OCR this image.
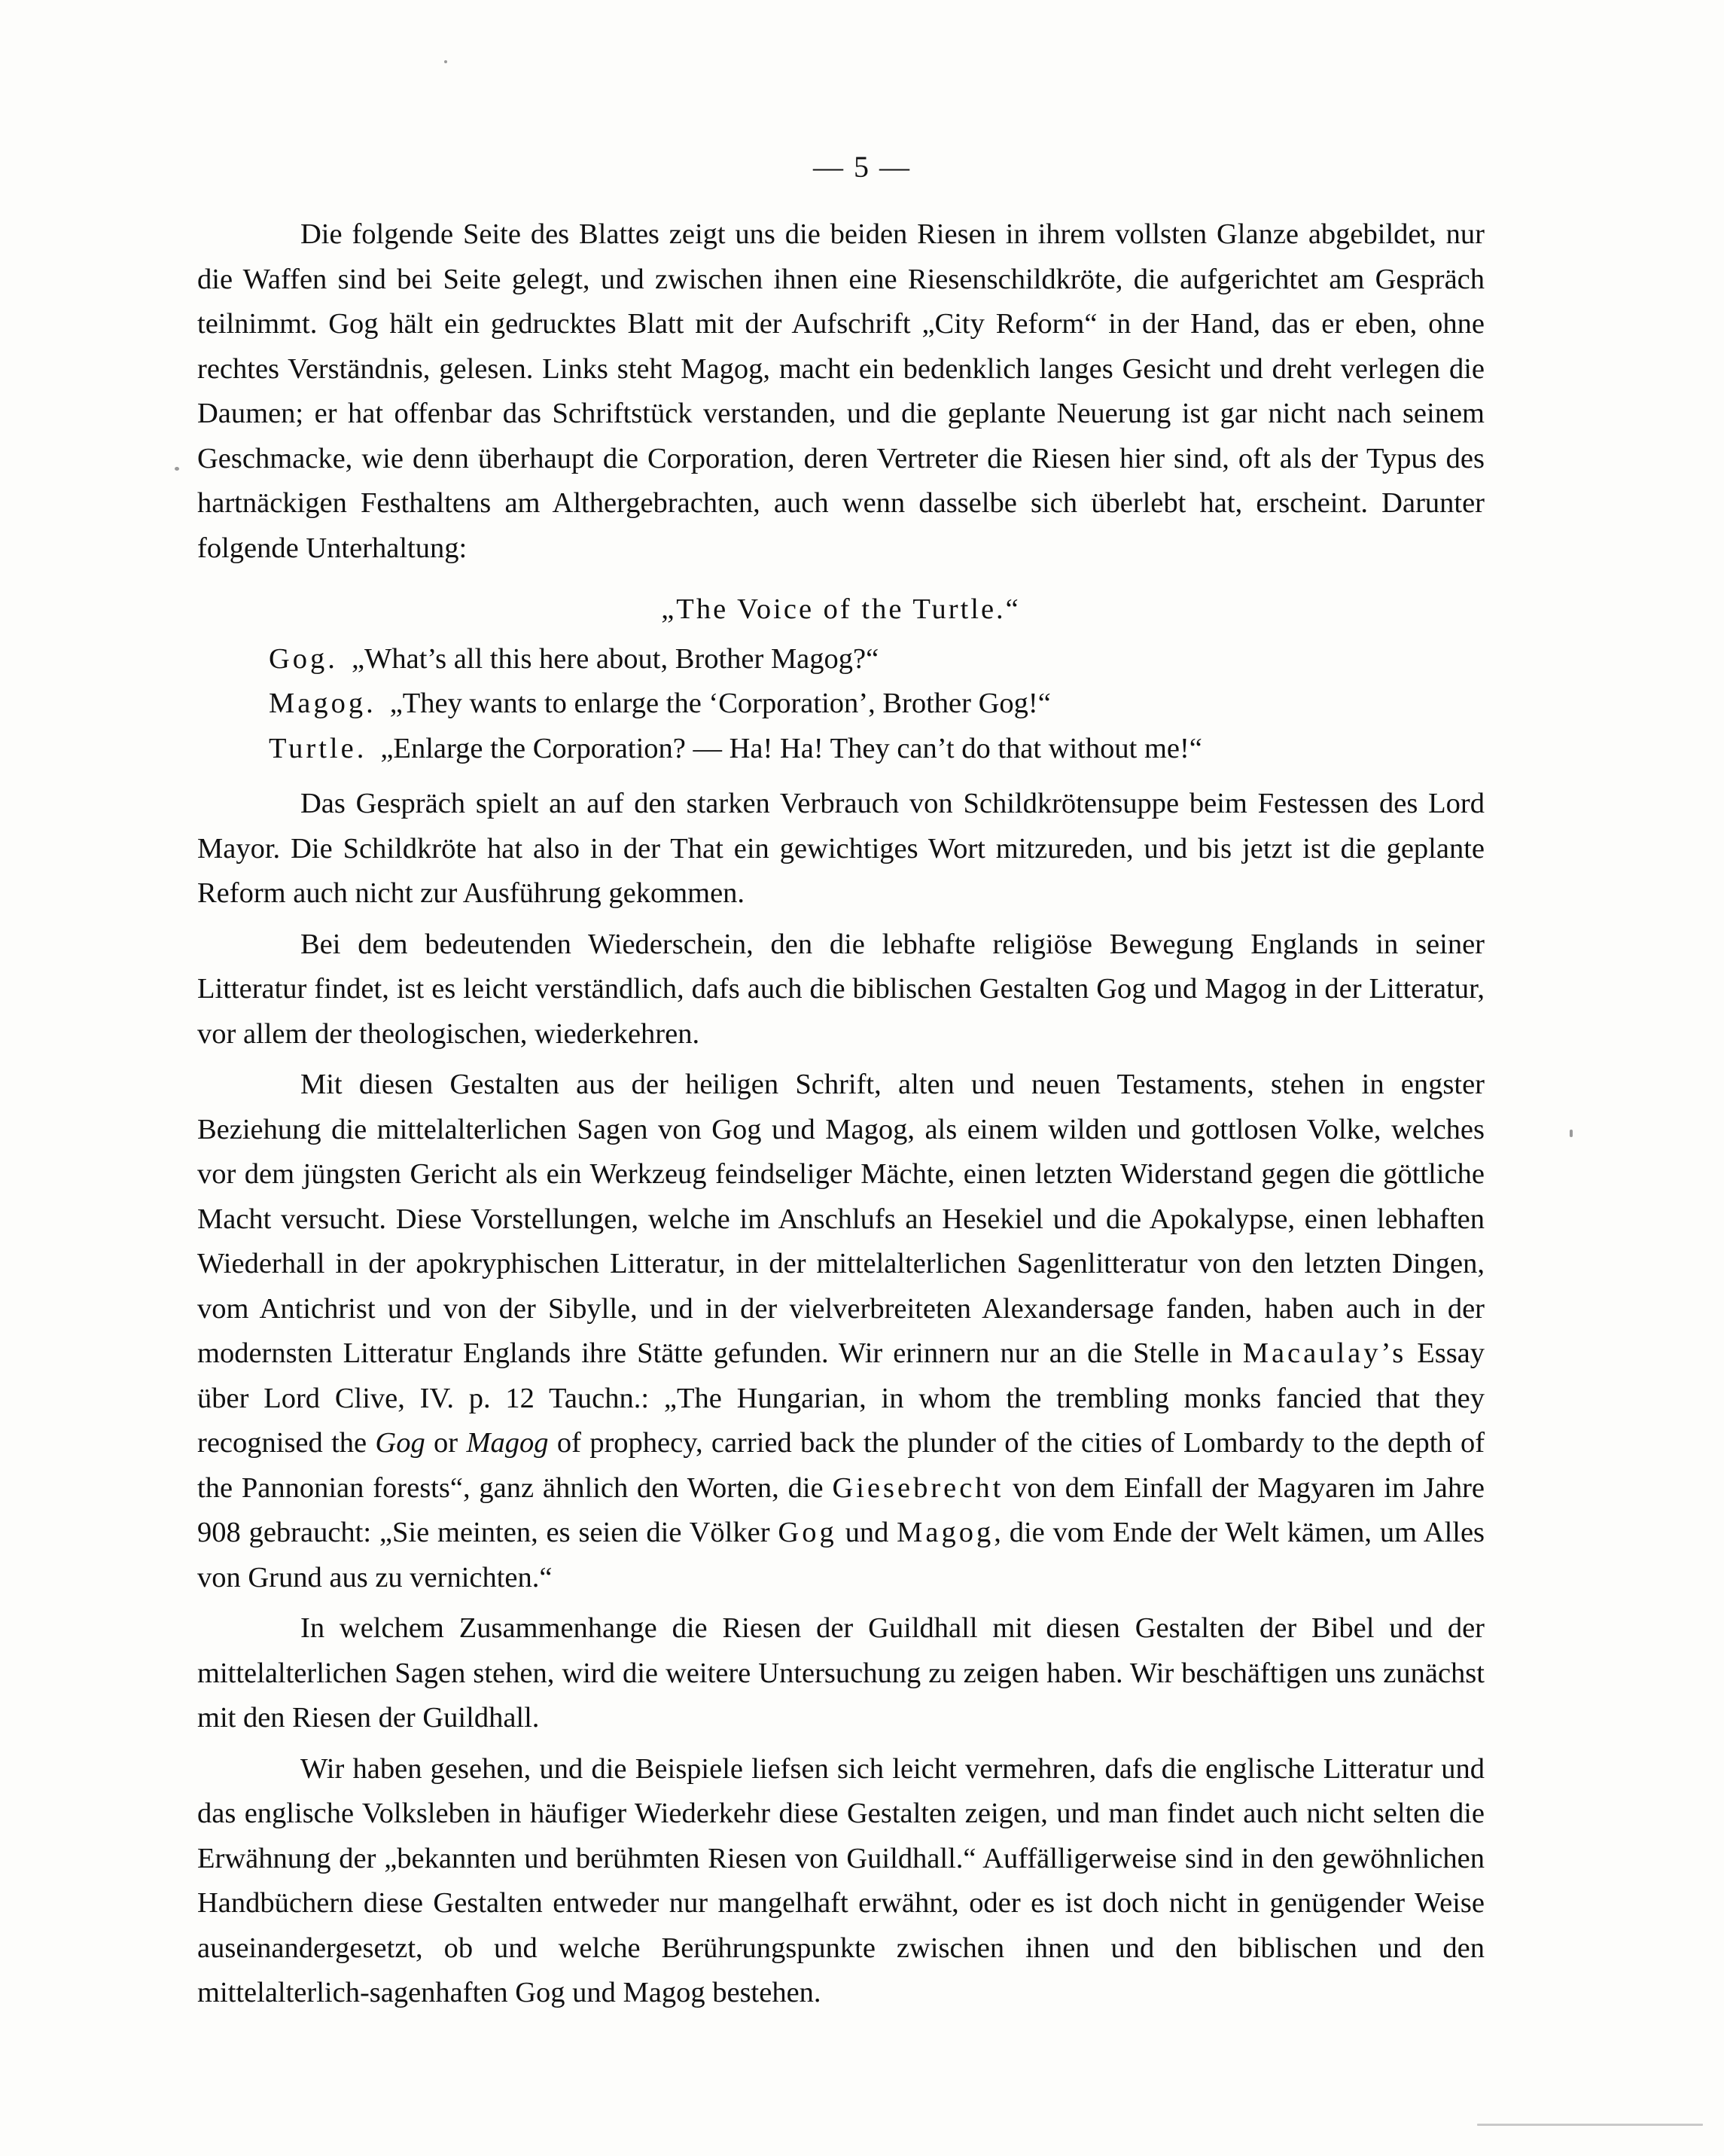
— 5 —

Die folgende Seite des Blattes zeigt uns die beiden Riesen in ihrem vollsten Glanze abgebildet, nur die Waffen sind bei Seite gelegt, und zwischen ihnen eine Riesenschildkröte, die aufgerichtet am Gespräch teilnimmt. Gog hält ein gedrucktes Blatt mit der Aufschrift „City Reform“ in der Hand, das er eben, ohne rechtes Verständnis, gelesen. Links steht Magog, macht ein bedenklich langes Gesicht und dreht verlegen die Daumen; er hat offenbar das Schriftstück verstanden, und die geplante Neuerung ist gar nicht nach seinem Geschmacke, wie denn überhaupt die Corporation, deren Vertreter die Riesen hier sind, oft als der Typus des hartnäckigen Festhaltens am Althergebrachten, auch wenn dasselbe sich überlebt hat, erscheint. Darunter folgende Unterhaltung:

„The Voice of the Turtle.“

Gog. „What’s all this here about, Brother Magog?“

Magog. „They wants to enlarge the ‘Corporation’, Brother Gog!“

Turtle. „Enlarge the Corporation? — Ha! Ha! They can’t do that without me!“

Das Gespräch spielt an auf den starken Verbrauch von Schildkrötensuppe beim Festessen des Lord Mayor. Die Schildkröte hat also in der That ein gewichtiges Wort mitzureden, und bis jetzt ist die geplante Reform auch nicht zur Ausführung gekommen.

Bei dem bedeutenden Wiederschein, den die lebhafte religiöse Bewegung Englands in seiner Litteratur findet, ist es leicht verständlich, dafs auch die biblischen Gestalten Gog und Magog in der Litteratur, vor allem der theologischen, wiederkehren.

Mit diesen Gestalten aus der heiligen Schrift, alten und neuen Testaments, stehen in engster Beziehung die mittelalterlichen Sagen von Gog und Magog, als einem wilden und gottlosen Volke, welches vor dem jüngsten Gericht als ein Werkzeug feindseliger Mächte, einen letzten Widerstand gegen die göttliche Macht versucht. Diese Vorstellungen, welche im Anschlufs an Hesekiel und die Apokalypse, einen lebhaften Wiederhall in der apokryphischen Litteratur, in der mittelalterlichen Sagenlitteratur von den letzten Dingen, vom Antichrist und von der Sibylle, und in der vielverbreiteten Alexandersage fanden, haben auch in der modernsten Litteratur Englands ihre Stätte gefunden. Wir erinnern nur an die Stelle in Macaulay’s Essay über Lord Clive, IV. p. 12 Tauchn.: „The Hungarian, in whom the trembling monks fancied that they recognised the Gog or Magog of prophecy, carried back the plunder of the cities of Lombardy to the depth of the Pannonian forests“, ganz ähnlich den Worten, die Giesebrecht von dem Einfall der Magyaren im Jahre 908 gebraucht: „Sie meinten, es seien die Völker Gog und Magog, die vom Ende der Welt kämen, um Alles von Grund aus zu vernichten.“

In welchem Zusammenhange die Riesen der Guildhall mit diesen Gestalten der Bibel und der mittelalterlichen Sagen stehen, wird die weitere Untersuchung zu zeigen haben. Wir beschäftigen uns zunächst mit den Riesen der Guildhall.

Wir haben gesehen, und die Beispiele liefsen sich leicht vermehren, dafs die englische Litteratur und das englische Volksleben in häufiger Wiederkehr diese Gestalten zeigen, und man findet auch nicht selten die Erwähnung der „bekannten und berühmten Riesen von Guildhall.“ Auffälligerweise sind in den gewöhnlichen Handbüchern diese Gestalten entweder nur mangelhaft erwähnt, oder es ist doch nicht in genügender Weise auseinandergesetzt, ob und welche Berührungspunkte zwischen ihnen und den biblischen und den mittelalterlich-sagenhaften Gog und Magog bestehen.
